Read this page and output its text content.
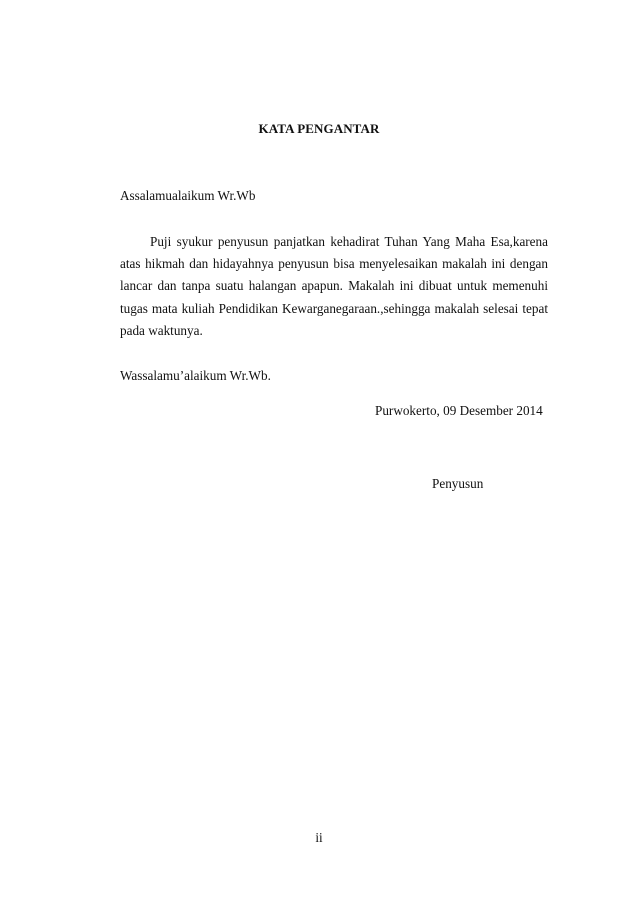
KATA PENGANTAR
Assalamualaikum Wr.Wb

Puji syukur penyusun panjatkan kehadirat Tuhan Yang Maha Esa,karena atas hikmah dan hidayahnya penyusun bisa menyelesaikan makalah ini dengan lancar dan tanpa suatu halangan apapun. Makalah ini dibuat untuk memenuhi tugas mata kuliah Pendidikan Kewarganegaraan.,sehingga makalah selesai tepat pada waktunya.

Wassalamu’alaikum Wr.Wb.
Purwokerto, 09 Desember 2014
Penyusun
ii
